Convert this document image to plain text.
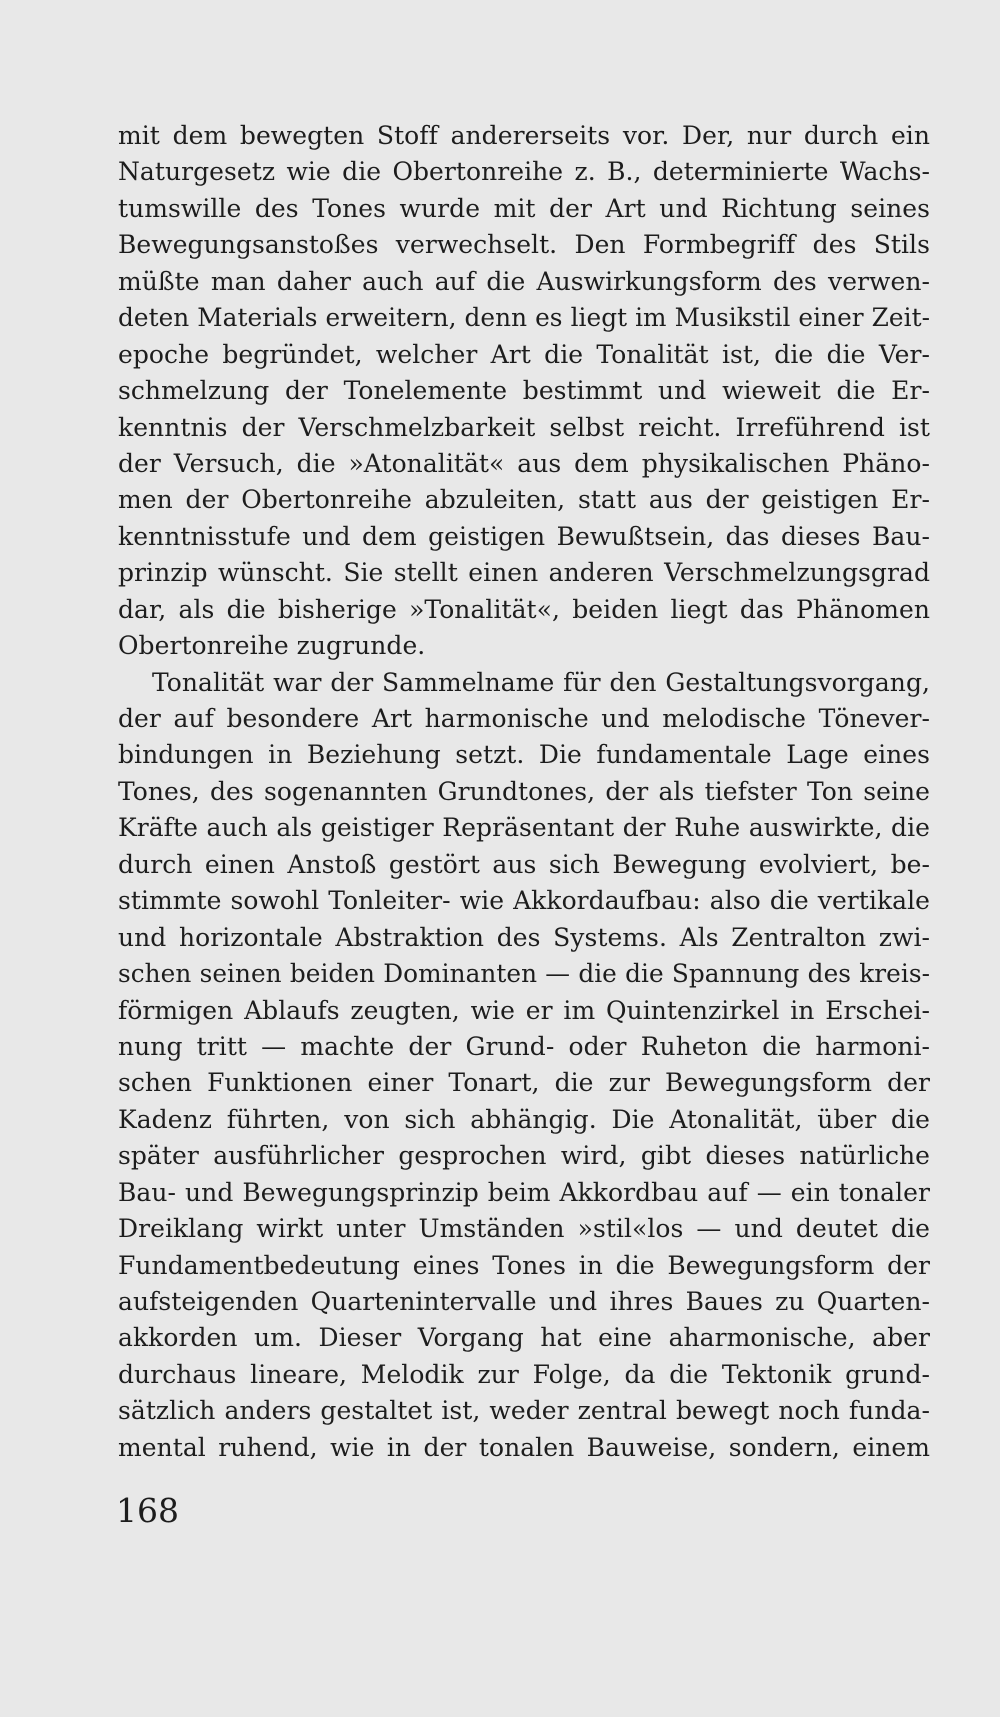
mit dem bewegten Stoff andererseits vor. Der, nur durch ein
Naturgesetz wie die Obertonreihe z. B., determinierte Wachs-
tumswille des Tones wurde mit der Art und Richtung seines
Bewegungsanstoßes verwechselt. Den Formbegriff des Stils
müßte man daher auch auf die Auswirkungsform des verwen-
deten Materials erweitern, denn es liegt im Musikstil einer Zeit-
epoche begründet, welcher Art die Tonalität ist, die die Ver-
schmelzung der Tonelemente bestimmt und wieweit die Er-
kenntnis der Verschmelzbarkeit selbst reicht. Irreführend ist
der Versuch, die »Atonalität« aus dem physikalischen Phäno-
men der Obertonreihe abzuleiten, statt aus der geistigen Er-
kenntnisstufe und dem geistigen Bewußtsein, das dieses Bau-
prinzip wünscht. Sie stellt einen anderen Verschmelzungsgrad
dar, als die bisherige »Tonalität«, beiden liegt das Phänomen
Obertonreihe zugrunde.
Tonalität war der Sammelname für den Gestaltungsvorgang,
der auf besondere Art harmonische und melodische Tönever-
bindungen in Beziehung setzt. Die fundamentale Lage eines
Tones, des sogenannten Grundtones, der als tiefster Ton seine
Kräfte auch als geistiger Repräsentant der Ruhe auswirkte, die
durch einen Anstoß gestört aus sich Bewegung evolviert, be-
stimmte sowohl Tonleiter- wie Akkordaufbau: also die vertikale
und horizontale Abstraktion des Systems. Als Zentralton zwi-
schen seinen beiden Dominanten — die die Spannung des kreis-
förmigen Ablaufs zeugten, wie er im Quintenzirkel in Erschei-
nung tritt — machte der Grund- oder Ruheton die harmoni-
schen Funktionen einer Tonart, die zur Bewegungsform der
Kadenz führten, von sich abhängig. Die Atonalität, über die
später ausführlicher gesprochen wird, gibt dieses natürliche
Bau- und Bewegungsprinzip beim Akkordbau auf — ein tonaler
Dreiklang wirkt unter Umständen »stil«los — und deutet die
Fundamentbedeutung eines Tones in die Bewegungsform der
aufsteigenden Quartenintervalle und ihres Baues zu Quarten-
akkorden um. Dieser Vorgang hat eine aharmonische, aber
durchaus lineare, Melodik zur Folge, da die Tektonik grund-
sätzlich anders gestaltet ist, weder zentral bewegt noch funda-
mental ruhend, wie in der tonalen Bauweise, sondern, einem
168
